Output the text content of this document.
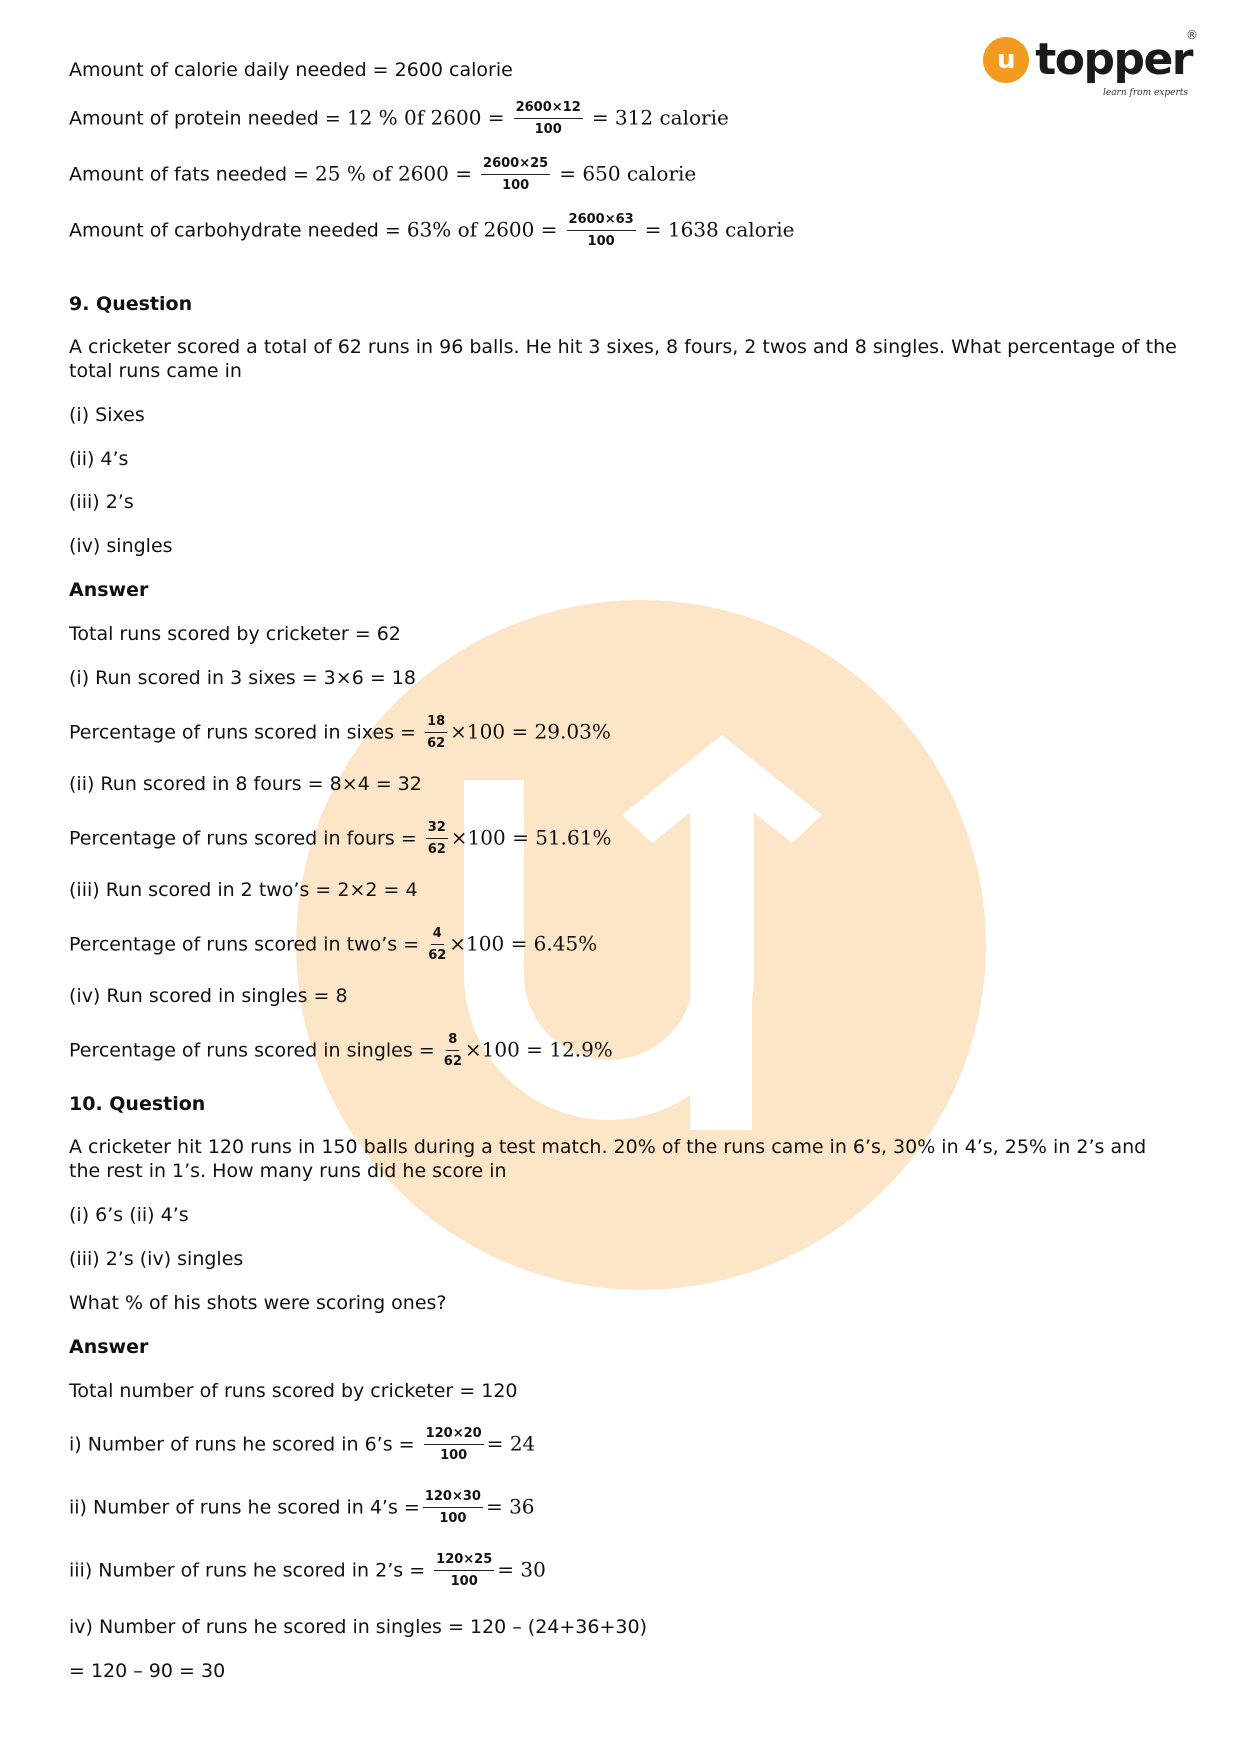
u topper
®
learn from experts
Amount of calorie daily needed = 2600 calorie
Amount of protein needed = 12 % 0f $2600 = \frac{2600\times 12}{100} = 312$ calorie
Amount of fats needed = 25 % of $2600 = \frac{2600\times 25}{100} = 650$ calorie
Amount of carbohydrate needed = 63% of $2600 = \frac{2600\times 63}{100} = 1638$ calorie
9. Question
A cricketer scored a total of 62 runs in 96 balls. He hit 3 sixes, 8 fours, 2 twos and 8 singles. What percentage of the total runs came in
(i) Sixes
(ii) 4’s
(iii) 2’s
(iv) singles
Answer
Total runs scored by cricketer = 62
(i) Run scored in 3 sixes = 3×6 = 18
Percentage of runs scored in sixes = $\frac{18}{62} \times 100 = 29.03\%$
(ii) Run scored in 8 fours = 8×4 = 32
Percentage of runs scored in fours = $\frac{32}{62} \times 100 = 51.61\%$
(iii) Run scored in 2 two’s = 2×2 = 4
Percentage of runs scored in two’s = $\frac{4}{62} \times 100 = 6.45\%$
(iv) Run scored in singles = 8
Percentage of runs scored in singles = $\frac{8}{62} \times 100 = 12.9\%$
10. Question
A cricketer hit 120 runs in 150 balls during a test match. 20% of the runs came in 6’s, 30% in 4’s, 25% in 2’s and the rest in 1’s. How many runs did he score in
(i) 6’s (ii) 4’s
(iii) 2’s (iv) singles
What % of his shots were scoring ones?
Answer
Total number of runs scored by cricketer = 120
i) Number of runs he scored in 6’s = $\frac{120\times 20}{100} = 24$
ii) Number of runs he scored in 4’s = $\frac{120\times 30}{100} = 36$
iii) Number of runs he scored in 2’s = $\frac{120\times 25}{100} = 30$
iv) Number of runs he scored in singles = 120 – (24+36+30)
= 120 – 90 = 30
